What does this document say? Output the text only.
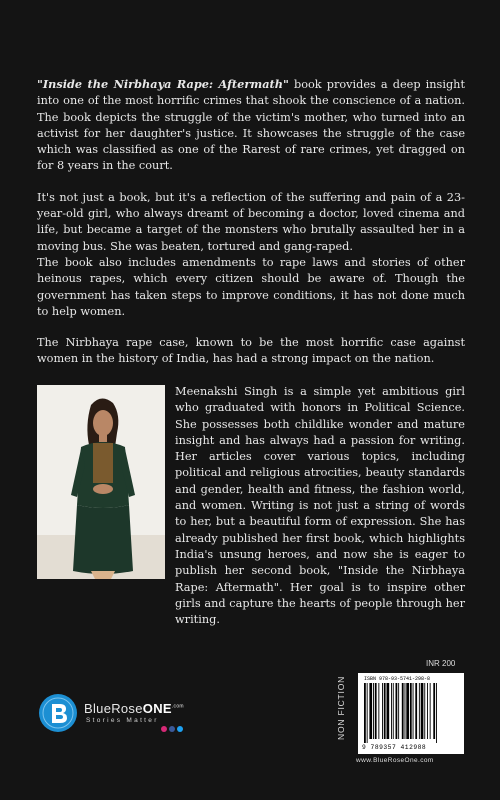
"Inside the Nirbhaya Rape: Aftermath" book provides a deep insight into one of the most horrific crimes that shook the conscience of a nation. The book depicts the struggle of the victim's mother, who turned into an activist for her daughter's justice. It showcases the struggle of the case which was classified as one of the Rarest of rare crimes, yet dragged on for 8 years in the court.

It's not just a book, but it's a reflection of the suffering and pain of a 23-year-old girl, who always dreamt of becoming a doctor, loved cinema and life, but became a target of the monsters who brutally assaulted her in a moving bus. She was beaten, tortured and gang-raped.

The book also includes amendments to rape laws and stories of other heinous rapes, which every citizen should be aware of. Though the government has taken steps to improve conditions, it has not done much to help women.

The Nirbhaya rape case, known to be the most horrific case against women in the history of India, has had a strong impact on the nation.

Meenakshi Singh is a simple yet ambitious girl who graduated with honors in Political Science. She possesses both childlike wonder and mature insight and has always had a passion for writing. Her articles cover various topics, including political and religious atrocities, beauty standards and gender, health and fitness, the fashion world, and women. Writing is not just a string of words to her, but a beautiful form of expression. She has already published her first book, which highlights India's unsung heroes, and now she is eager to publish her second book, "Inside the Nirbhaya Rape: Aftermath". Her goal is to inspire other girls and capture the hearts of people through her writing.

BlueRoseONE$^{.com}$
Stories Matter	NON FICTION
INR 200
ISBN 978-93-5741-298-8
9 789357 412988
www.BlueRoseOne.com
